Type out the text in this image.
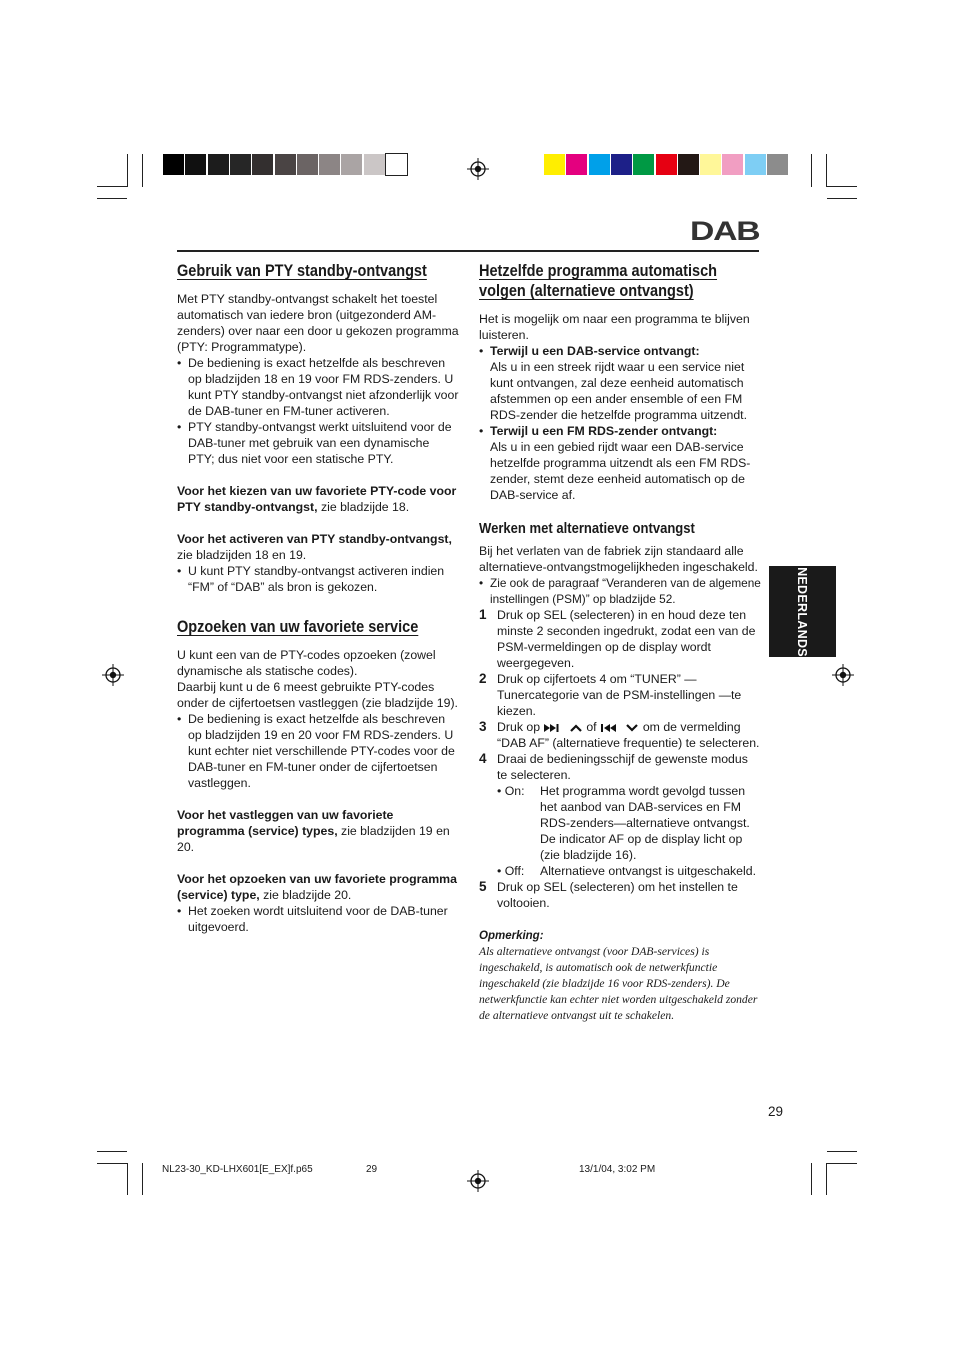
DAB
Gebruik van PTY standby-ontvangst

Met PTY standby-ontvangst schakelt het toestel automatisch van iedere bron (uitgezonderd AM-zenders) over naar een door u gekozen programma (PTY: Programmatype).

• De bediening is exact hetzelfde als beschreven op bladzijden 18 en 19 voor FM RDS-zenders. U kunt PTY standby-ontvangst niet afzonderlijk voor de DAB-tuner en FM-tuner activeren.

• PTY standby-ontvangst werkt uitsluitend voor de DAB-tuner met gebruik van een dynamische PTY; dus niet voor een statische PTY.

Voor het kiezen van uw favoriete PTY-code voor PTY standby-ontvangst, zie bladzijde 18.

Voor het activeren van PTY standby-ontvangst, zie bladzijden 18 en 19.

• U kunt PTY standby-ontvangst activeren indien “FM” of “DAB” als bron is gekozen.

Opzoeken van uw favoriete service

U kunt een van de PTY-codes opzoeken (zowel dynamische als statische codes).

Daarbij kunt u de 6 meest gebruikte PTY-codes onder de cijfertoetsen vastleggen (zie bladzijde 19).

• De bediening is exact hetzelfde als beschreven op bladzijden 19 en 20 voor FM RDS-zenders. U kunt echter niet verschillende PTY-codes voor de DAB-tuner en FM-tuner onder de cijfertoetsen vastleggen.

Voor het vastleggen van uw favoriete programma (service) types, zie bladzijden 19 en 20.

Voor het opzoeken van uw favoriete programma (service) type, zie bladzijde 20.

• Het zoeken wordt uitsluitend voor de DAB-tuner uitgevoerd.

Hetzelfde programma automatisch
volgen (alternatieve ontvangst)

Het is mogelijk om naar een programma te blijven luisteren.

• Terwijl u een DAB-service ontvangt:
Als u in een streek rijdt waar u een service niet kunt ontvangen, zal deze eenheid automatisch afstemmen op een ander ensemble of een FM RDS-zender die hetzelfde programma uitzendt.
• Terwijl u een FM RDS-zender ontvangt:
Als u in een gebied rijdt waar een DAB-service hetzelfde programma uitzendt als een FM RDS-zender, stemt deze eenheid automatisch op de DAB-service af.
Werken met alternatieve ontvangst

Bij het verlaten van de fabriek zijn standaard alle alternatieve-ontvangstmogelijkheden ingeschakeld.

• Zie ook de paragraaf “Veranderen van de algemene instellingen (PSM)” op bladzijde 52.

1 Druk op SEL (selecteren) in en houd deze ten minste 2 seconden ingedrukt, zodat een van de PSM-vermeldingen op de display wordt weergegeven.
2 Druk op cijfertoets 4 om “TUNER” —Tunercategorie van de PSM-instellingen —te kiezen.
3 Druk op	of	om de vermelding “DAB AF” (alternatieve frequentie) te selecteren.
4 Draai de bedieningsschijf de gewenste modus te selecteren.
• On: Het programma wordt gevolgd tussen het aanbod van DAB-services en FM RDS-zenders—alternatieve ontvangst. De indicator AF op de display licht op (zie bladzijde 16).
• Off: Alternatieve ontvangst is uitgeschakeld.
5 Druk op SEL (selecteren) om het instellen te voltooien.
Opmerking:
Als alternatieve ontvangst (voor DAB-services) is ingeschakeld, is automatisch ook de netwerkfunctie ingeschakeld (zie bladzijde 16 voor RDS-zenders). De netwerkfunctie kan echter niet worden uitgeschakeld zonder de alternatieve ontvangst uit te schakelen.
NEDERLANDS
29
NL23-30_KD-LHX601[E_EX]f.p65	29	13/1/04, 3:02 PM
